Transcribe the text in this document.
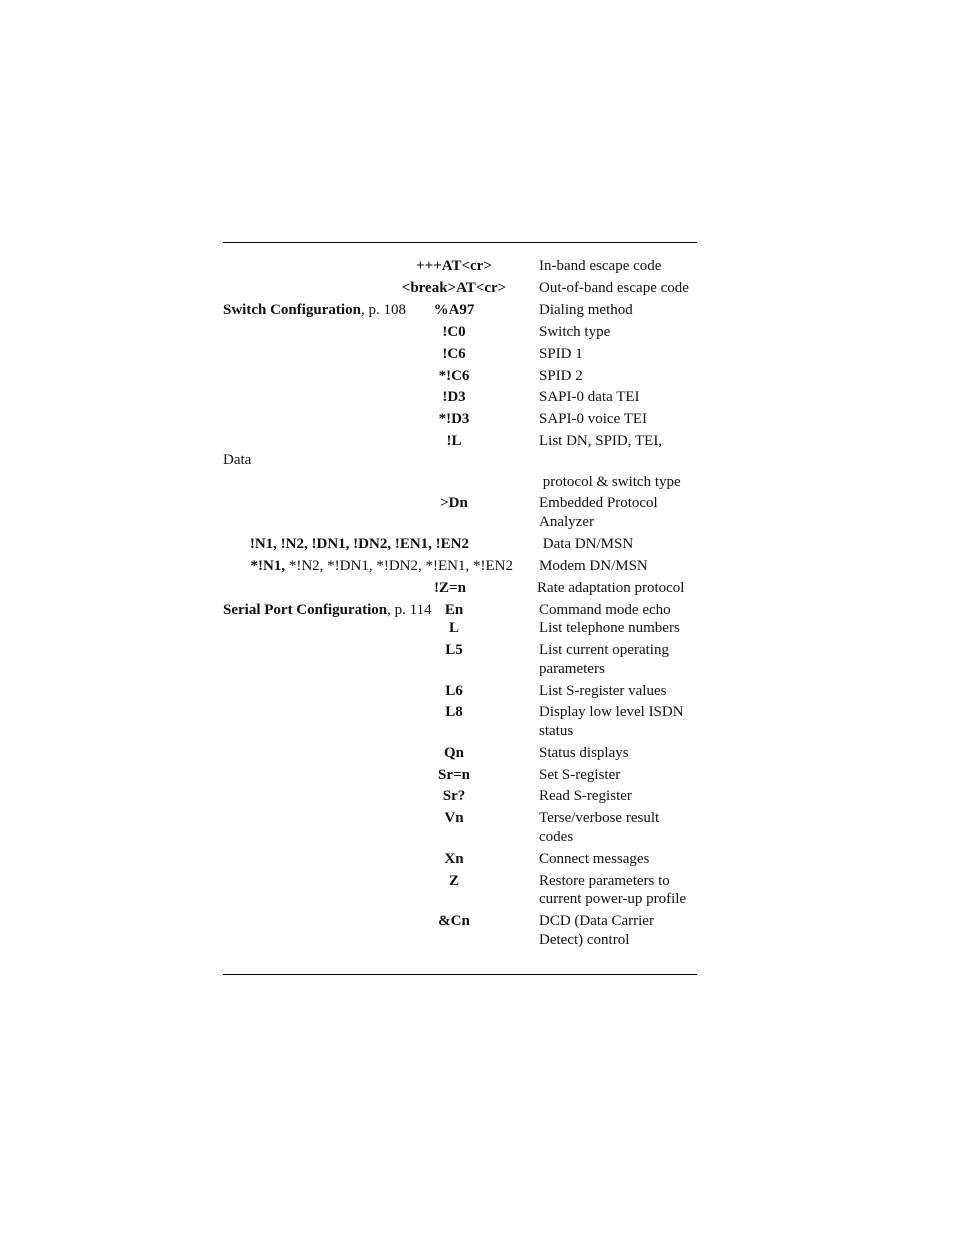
Switch Configuration, p. 108
Data
Serial Port Configuration, p. 114
+++AT<cr>
<break>AT<cr>
%A97
!C0
!C6
*!C6
!D3
*!D3
!L
>Dn
!N1, !N2, !DN1, !DN2, !EN1, !EN2
*!N1, *!N2, *!DN1, *!DN2, *!EN1, *!EN2
!Z=n
En
L
L5
L6
L8
Qn
Sr=n
Sr?
Vn
Xn
Z
&Cn
In-band escape code
Out-of-band escape code
Dialing method
Switch type
SPID 1
SPID 2
SAPI-0 data TEI
SAPI-0 voice TEI
List DN, SPID, TEI,
protocol & switch type
Embedded Protocol
Analyzer
Data DN/MSN
Modem DN/MSN
Rate adaptation protocol
Command mode echo
List telephone numbers
List current operating
parameters
List S-register values
Display low level ISDN
status
Status displays
Set S-register
Read S-register
Terse/verbose result
codes
Connect messages
Restore parameters to
current power-up profile
DCD (Data Carrier
Detect) control
